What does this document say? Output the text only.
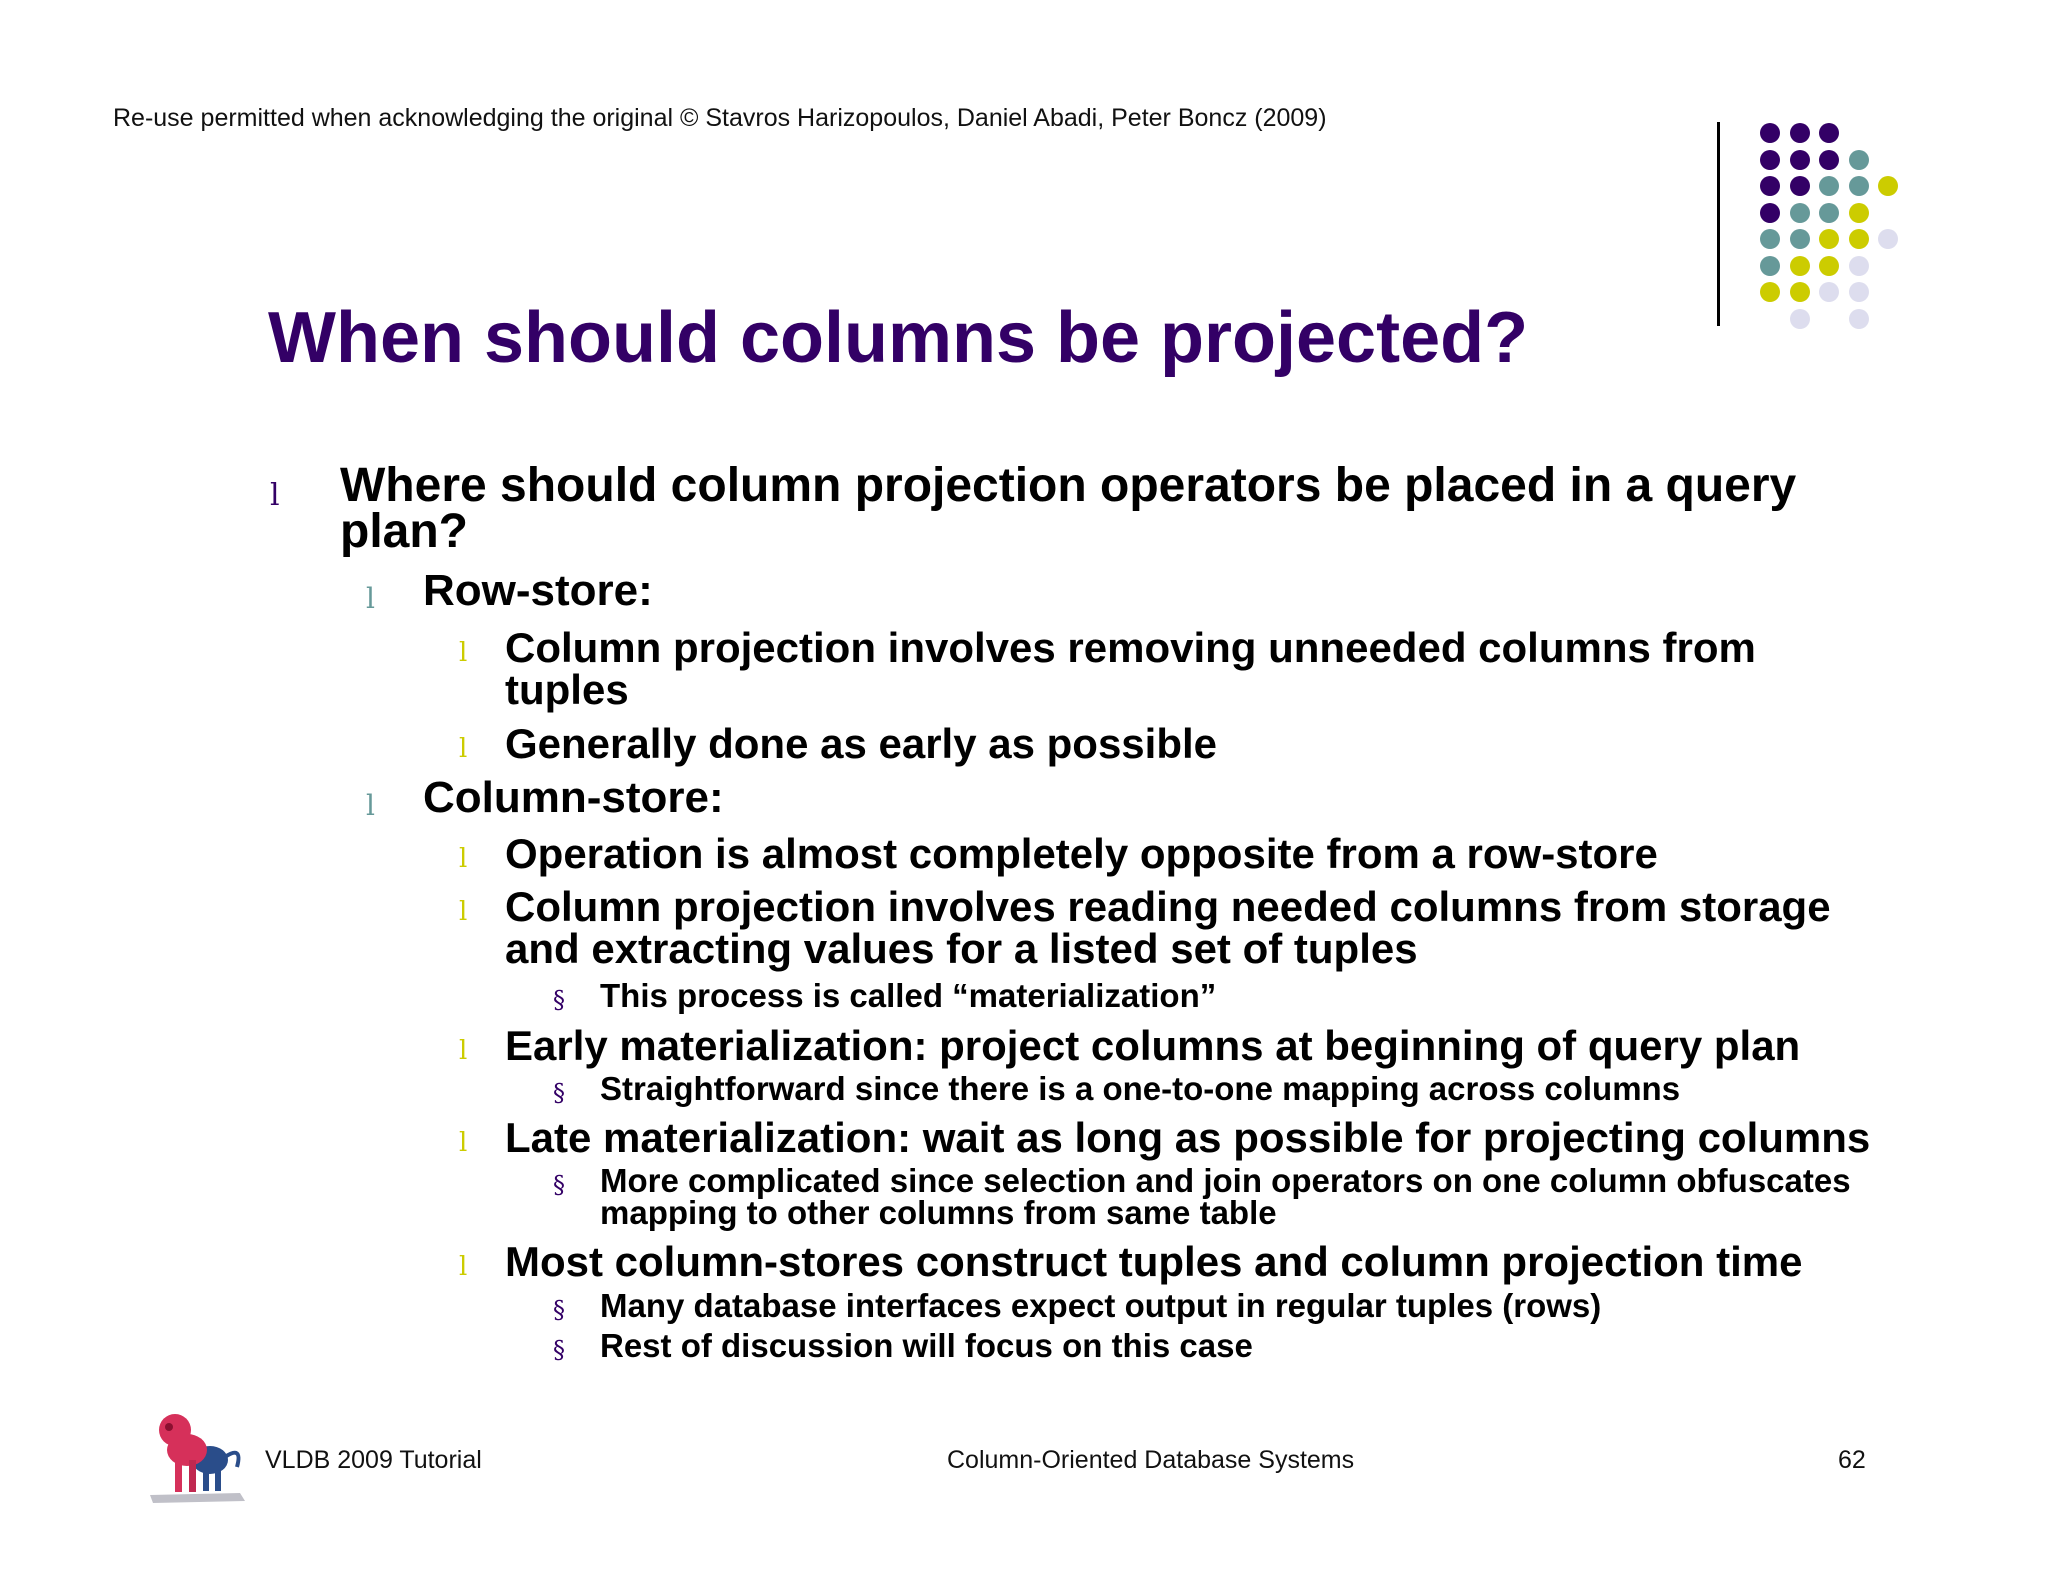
Re-use permitted when acknowledging the original © Stavros Harizopoulos, Daniel Abadi, Peter Boncz (2009)
When should columns be projected?
l Where should column projection operators be placed in a query
plan?
l Row-store:
l Column projection involves removing unneeded columns from
tuples
l Generally done as early as possible
l Column-store:
l Operation is almost completely opposite from a row-store
l Column projection involves reading needed columns from storage
and extracting values for a listed set of tuples
§ This process is called “materialization”
l Early materialization: project columns at beginning of query plan
§ Straightforward since there is a one-to-one mapping across columns
l Late materialization: wait as long as possible for projecting columns
§ More complicated since selection and join operators on one column obfuscates
mapping to other columns from same table
l Most column-stores construct tuples and column projection time
§ Many database interfaces expect output in regular tuples (rows)
§ Rest of discussion will focus on this case
VLDB 2009 Tutorial	Column-Oriented Database Systems	62
